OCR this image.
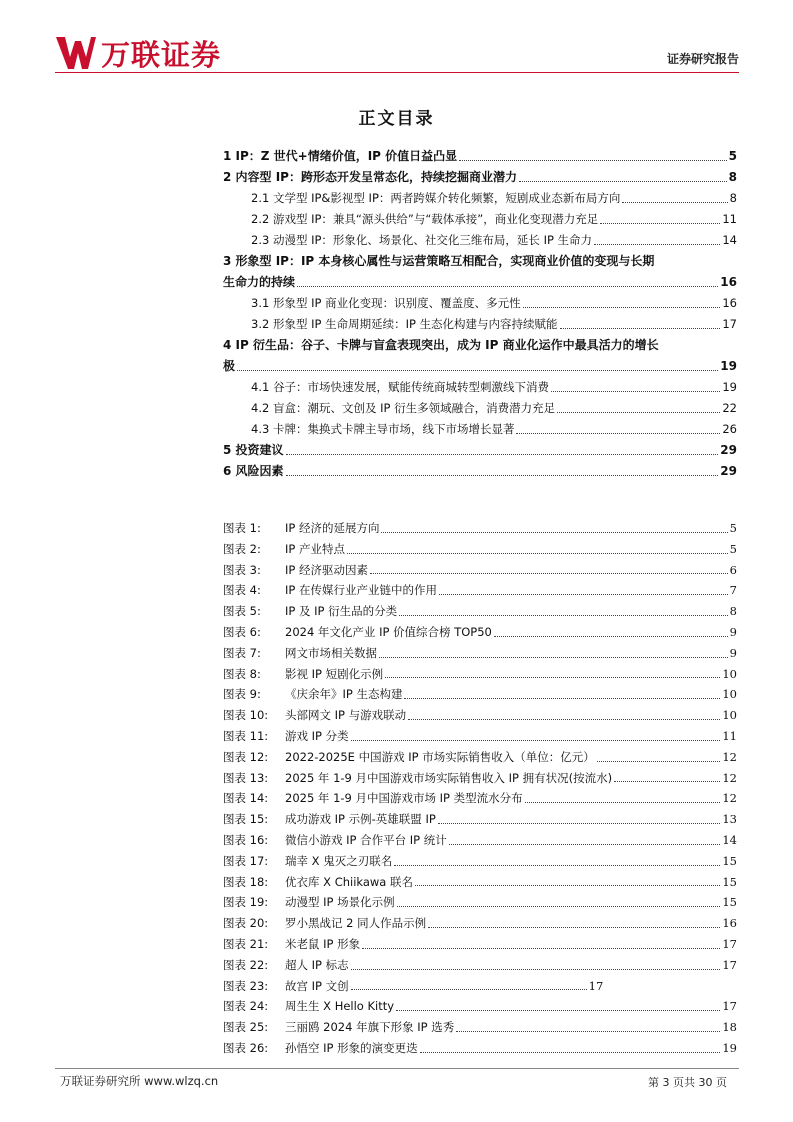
万联证券	证券研究报告
正文目录
1 IP：Z 世代+情绪价值，IP 价值日益凸显	5
2 内容型 IP：跨形态开发呈常态化，持续挖掘商业潜力	8
2.1 文学型 IP&影视型 IP：两者跨媒介转化频繁，短剧成业态新布局方向	8
2.2 游戏型 IP：兼具“源头供给”与“载体承接”，商业化变现潜力充足	11
2.3 动漫型 IP：形象化、场景化、社交化三维布局，延长 IP 生命力	14
3 形象型 IP：IP 本身核心属性与运营策略互相配合，实现商业价值的变现与长期
生命力的持续	16
3.1 形象型 IP 商业化变现：识别度、覆盖度、多元性	16
3.2 形象型 IP 生命周期延续：IP 生态化构建与内容持续赋能	17
4 IP 衍生品：谷子、卡牌与盲盒表现突出，成为 IP 商业化运作中最具活力的增长
极	19
4.1 谷子：市场快速发展，赋能传统商城转型刺激线下消费	19
4.2 盲盒：潮玩、文创及 IP 衍生多领域融合，消费潜力充足	22
4.3 卡牌：集换式卡牌主导市场，线下市场增长显著	26
5 投资建议	29
6 风险因素	29
图表 1:	IP 经济的延展方向	5
图表 2:	IP 产业特点	5
图表 3:	IP 经济驱动因素	6
图表 4:	IP 在传媒行业产业链中的作用	7
图表 5:	IP 及 IP 衍生品的分类	8
图表 6:	2024 年文化产业 IP 价值综合榜 TOP50	9
图表 7:	网文市场相关数据	9
图表 8:	影视 IP 短剧化示例	10
图表 9:	《庆余年》IP 生态构建	10
图表 10:	头部网文 IP 与游戏联动	10
图表 11:	游戏 IP 分类	11
图表 12:	2022-2025E 中国游戏 IP 市场实际销售收入（单位：亿元）	12
图表 13:	2025 年 1-9 月中国游戏市场实际销售收入 IP 拥有状况(按流水)	12
图表 14:	2025 年 1-9 月中国游戏市场 IP 类型流水分布	12
图表 15:	成功游戏 IP 示例-英雄联盟 IP	13
图表 16:	微信小游戏 IP 合作平台 IP 统计	14
图表 17:	瑞幸 X 鬼灭之刃联名	15
图表 18:	优衣库 X Chiikawa 联名	15
图表 19:	动漫型 IP 场景化示例	15
图表 20:	罗小黑战记 2 同人作品示例	16
图表 21:	米老鼠 IP 形象	17
图表 22:	超人 IP 标志	17
图表 23:	故宫 IP 文创	17
图表 24:	周生生 X Hello Kitty	17
图表 25:	三丽鸥 2024 年旗下形象 IP 选秀	18
图表 26:	孙悟空 IP 形象的演变更迭	19
万联证券研究所 www.wlzq.cn	第 3 页共 30 页
